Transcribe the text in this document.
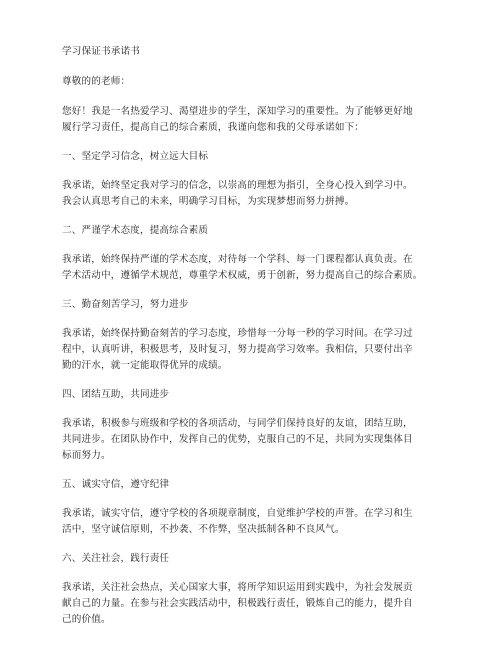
学习保证书承诺书
尊敬的的老师：
您好！我是一名热爱学习、渴望进步的学生，深知学习的重要性。为了能够更好地
履行学习责任，提高自己的综合素质，我谨向您和我的父母承诺如下：
一、坚定学习信念，树立远大目标
我承诺，始终坚定我对学习的信念，以崇高的理想为指引，全身心投入到学习中。
我会认真思考自己的未来，明确学习目标，为实现梦想而努力拼搏。
二、严谨学术态度，提高综合素质
我承诺，始终保持严谨的学术态度，对待每一个学科、每一门课程都认真负责。在
学术活动中，遵循学术规范，尊重学术权威，勇于创新，努力提高自己的综合素质。
三、勤奋刻苦学习，努力进步
我承诺，始终保持勤奋刻苦的学习态度，珍惜每一分每一秒的学习时间。在学习过
程中，认真听讲，积极思考，及时复习，努力提高学习效率。我相信，只要付出辛
勤的汗水，就一定能取得优异的成绩。
四、团结互助，共同进步
我承诺，积极参与班级和学校的各项活动，与同学们保持良好的友谊，团结互助，
共同进步。在团队协作中，发挥自己的优势，克服自己的不足，共同为实现集体目
标而努力。
五、诚实守信，遵守纪律
我承诺，诚实守信，遵守学校的各项规章制度，自觉维护学校的声誉。在学习和生
活中，坚守诚信原则，不抄袭、不作弊，坚决抵制各种不良风气。
六、关注社会，践行责任
我承诺，关注社会热点，关心国家大事，将所学知识运用到实践中，为社会发展贡
献自己的力量。在参与社会实践活动中，积极践行责任，锻炼自己的能力，提升自
己的价值。
